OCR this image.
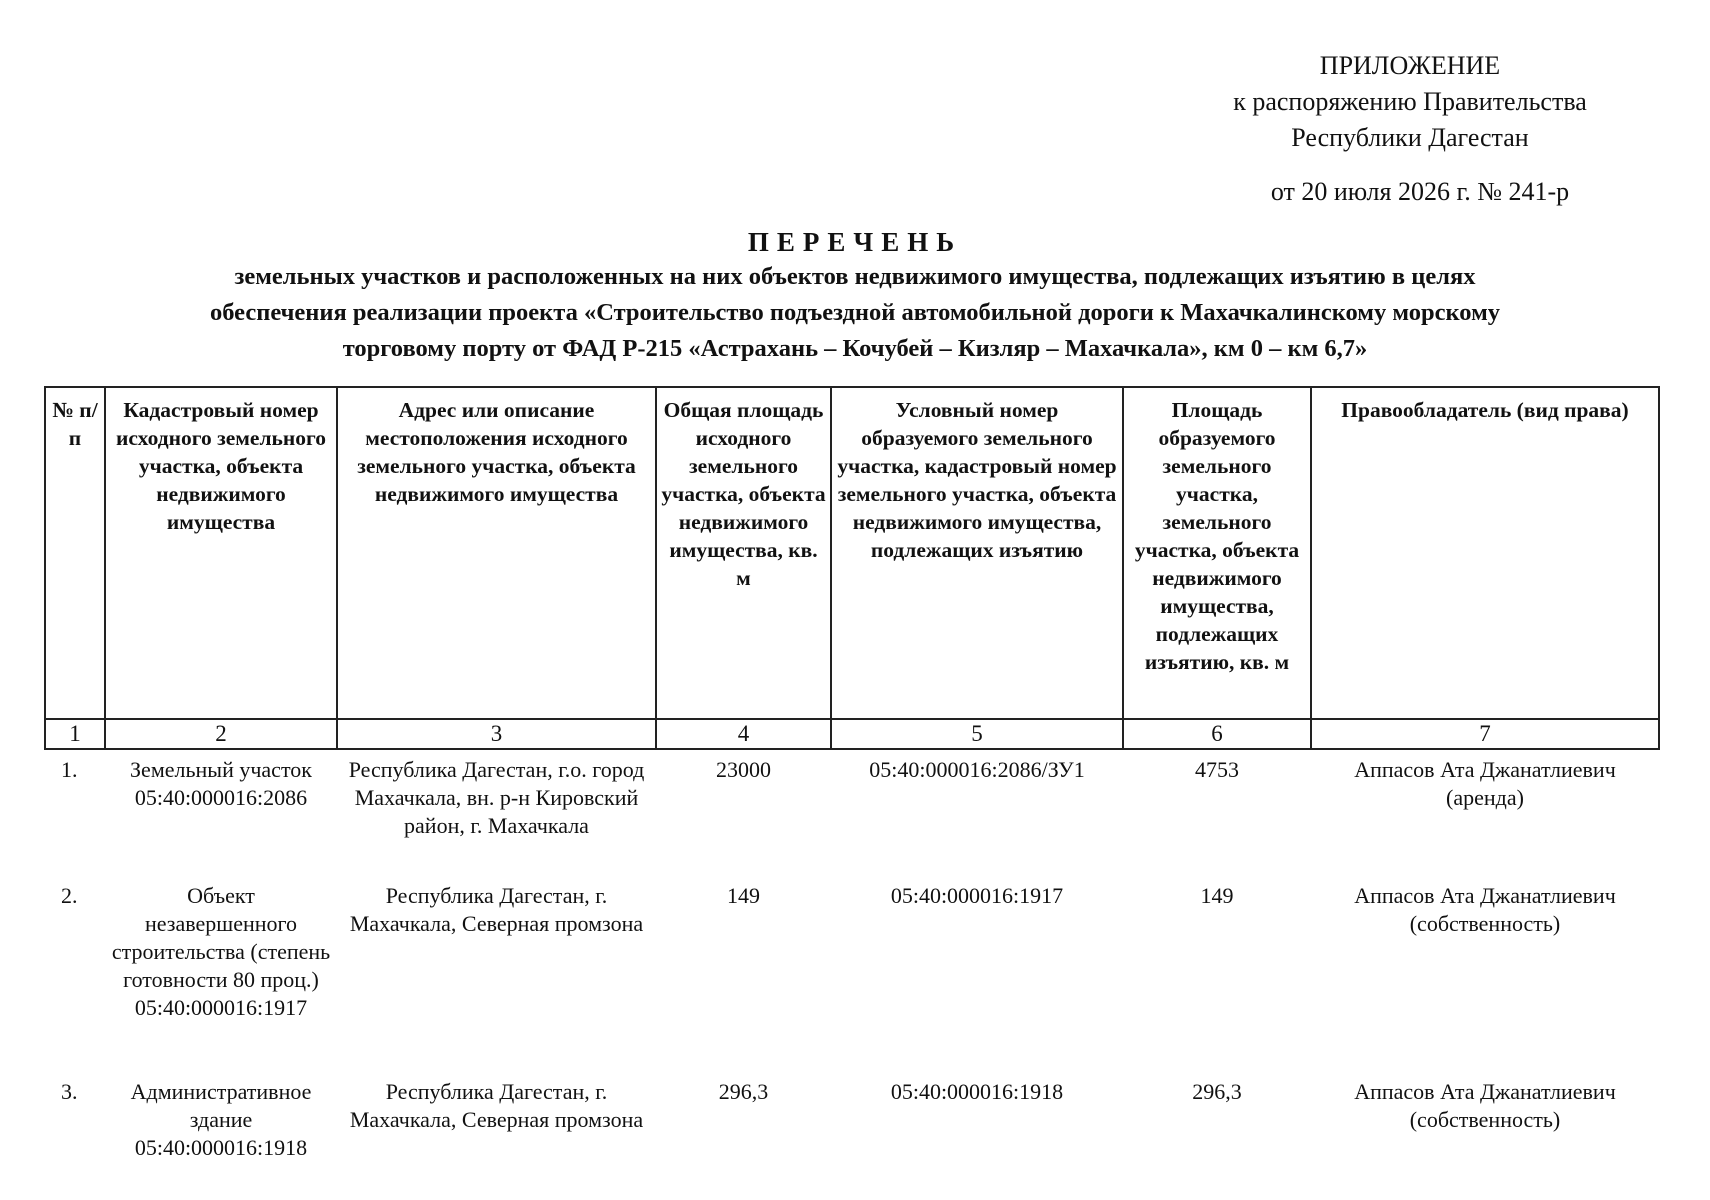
ПРИЛОЖЕНИЕ
к распоряжению Правительства
Республики Дагестан
от 20 июля 2026 г. № 241-р
ПЕРЕЧЕНЬ
земельных участков и расположенных на них объектов недвижимого имущества, подлежащих изъятию в целях
обеспечения реализации проекта «Строительство подъездной автомобильной дороги к Махачкалинскому морскому
торговому порту от ФАД Р-215 «Астрахань – Кочубей – Кизляр – Махачкала», км 0 – км 6,7»
№ п/п	Кадастровый номер исходного земельного участка, объекта недвижимого имущества	Адрес или описание местоположения исходного земельного участка, объекта недвижимого имущества	Общая площадь исходного земельного участка, объекта недвижимого имущества, кв. м	Условный номер образуемого земельного участка, кадастровый номер земельного участка, объекта недвижимого имущества, подлежащих изъятию	Площадь образуемого земельного участка, земельного участка, объекта недвижимого имущества, подлежащих изъятию, кв. м	Правообладатель (вид права)
1	2	3	4	5	6	7
1.	Земельный участок 05:40:000016:2086	Республика Дагестан, г.о. город Махачкала, вн. р-н Кировский район, г. Махачкала	23000	05:40:000016:2086/ЗУ1	4753	Аппасов Ата Джанатлиевич (аренда)
2.	Объект незавершенного строительства (степень готовности 80 проц.) 05:40:000016:1917	Республика Дагестан, г. Махачкала, Северная промзона	149	05:40:000016:1917	149	Аппасов Ата Джанатлиевич (собственность)
3.	Административное здание 05:40:000016:1918	Республика Дагестан, г. Махачкала, Северная промзона	296,3	05:40:000016:1918	296,3	Аппасов Ата Джанатлиевич (собственность)
